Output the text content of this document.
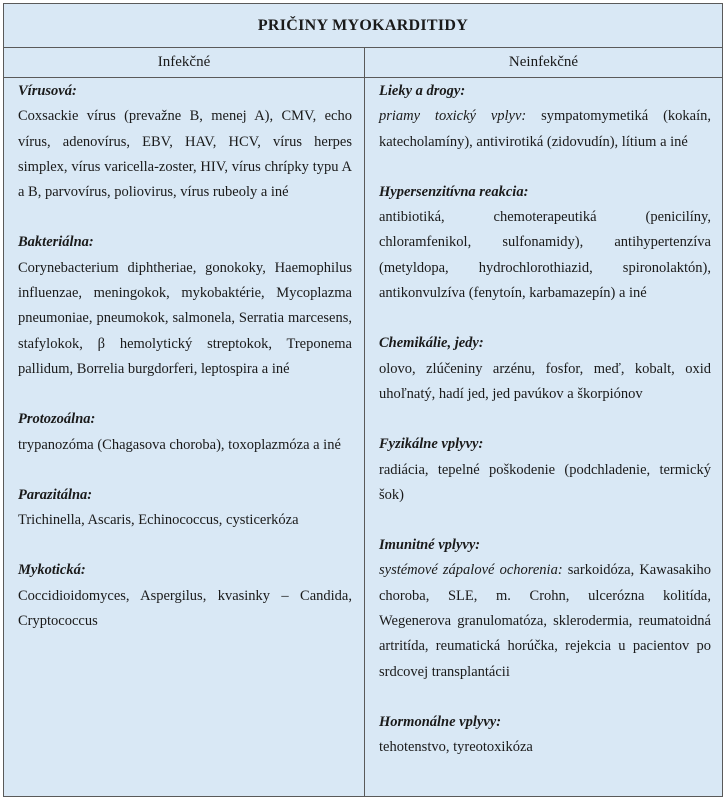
PRIČINY MYOKARDITIDY
Infekčné	Neinfekčné
Vírusová:
Coxsackie vírus (prevažne B, menej A), CMV, echo vírus, adenovírus, EBV, HAV, HCV, vírus herpes simplex, vírus varicella-zoster, HIV, vírus chrípky typu A a B, parvovírus, poliovirus, vírus rubeoly a iné
Bakteriálna:
Corynebacterium diphtheriae, gonokoky, Haemophilus influenzae, meningokok, mykobaktérie, Mycoplazma pneumoniae, pneumokok, salmonela, Serratia marcesens, stafylokok, β hemolytický streptokok, Treponema pallidum, Borrelia burgdorferi, leptospira a iné
Protozoálna:
trypanozóma (Chagasova choroba), toxoplazmóza a iné
Parazitálna:
Trichinella, Ascaris, Echinococcus, cysticerkóza
Mykotická:
Coccidioidomyces, Aspergilus, kvasinky – Candida, Cryptococcus
Lieky a drogy:
priamy toxický vplyv: sympatomymetiká (kokaín, katecholamíny), antivirotiká (zidovudín), lítium a iné
Hypersenzitívna reakcia:
antibiotiká, chemoterapeutiká (penicilíny, chloramfenikol, sulfonamidy), antihypertenzíva (metyldopa, hydrochlorothiazid, spironolaktón), antikonvulzíva (fenytoín, karbamazepín) a iné
Chemikálie, jedy:
olovo, zlúčeniny arzénu, fosfor, meď, kobalt, oxid uhoľnatý, hadí jed, jed pavúkov a škorpiónov
Fyzikálne vplyvy:
radiácia, tepelné poškodenie (podchladenie, termický šok)
Imunitné vplyvy:
systémové zápalové ochorenia: sarkoidóza, Kawasakiho choroba, SLE, m. Crohn, ulcerózna kolitída, Wegenerova granulomatóza, sklerodermia, reumatoidná artritída, reumatická horúčka, rejekcia u pacientov po srdcovej transplantácii
Hormonálne vplyvy:
tehotenstvo, tyreotoxikóza
